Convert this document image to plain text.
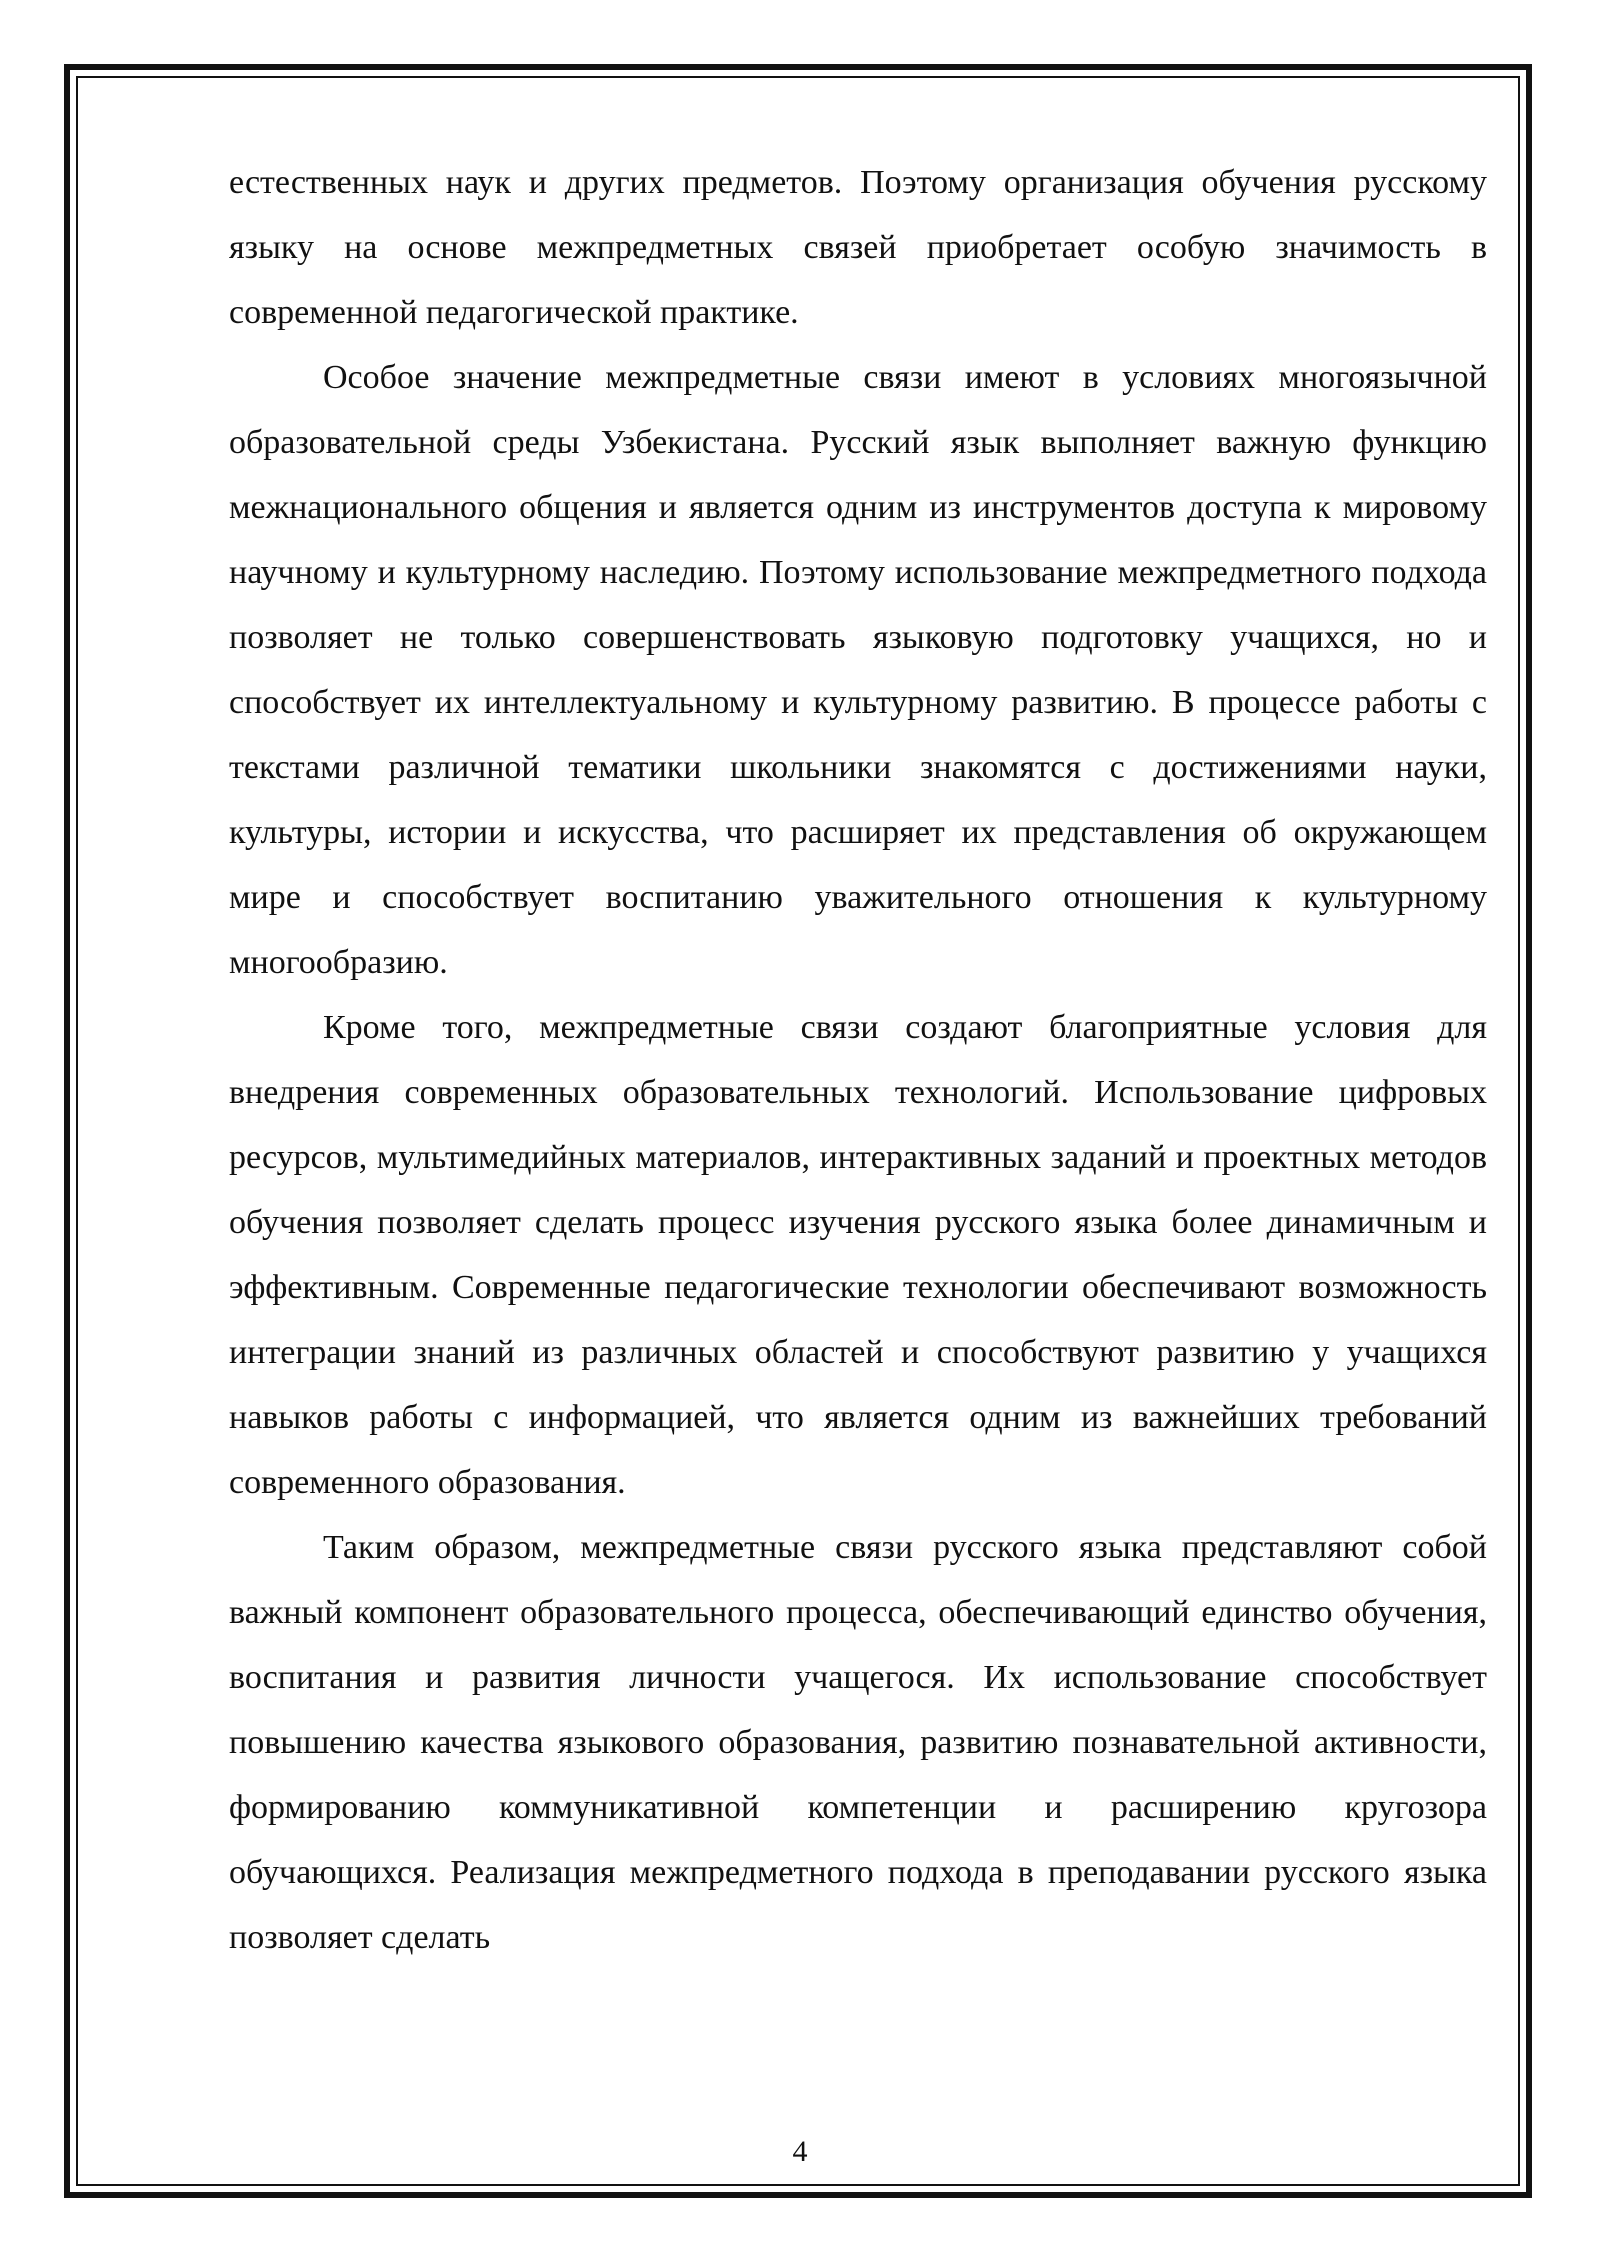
естественных наук и других предметов. Поэтому организация обучения русскому языку на основе межпредметных связей приобретает особую значимость в современной педагогической практике.

Особое значение межпредметные связи имеют в условиях многоязычной образовательной среды Узбекистана. Русский язык выполняет важную функцию межнационального общения и является одним из инструментов доступа к мировому научному и культурному наследию. Поэтому использование межпредметного подхода позволяет не только совершенствовать языковую подготовку учащихся, но и способствует их интеллектуальному и культурному развитию. В процессе работы с текстами различной тематики школьники знакомятся с достижениями науки, культуры, истории и искусства, что расширяет их представления об окружающем мире и способствует воспитанию уважительного отношения к культурному многообразию.

Кроме того, межпредметные связи создают благоприятные условия для внедрения современных образовательных технологий. Использование цифровых ресурсов, мультимедийных материалов, интерактивных заданий и проектных методов обучения позволяет сделать процесс изучения русского языка более динамичным и эффективным. Современные педагогические технологии обеспечивают возможность интеграции знаний из различных областей и способствуют развитию у учащихся навыков работы с информацией, что является одним из важнейших требований современного образования.

Таким образом, межпредметные связи русского языка представляют собой важный компонент образовательного процесса, обеспечивающий единство обучения, воспитания и развития личности учащегося. Их использование способствует повышению качества языкового образования, развитию познавательной активности, формированию коммуникативной компетенции и расширению кругозора обучающихся. Реализация межпредметного подхода в преподавании русского языка позволяет сделать

4
